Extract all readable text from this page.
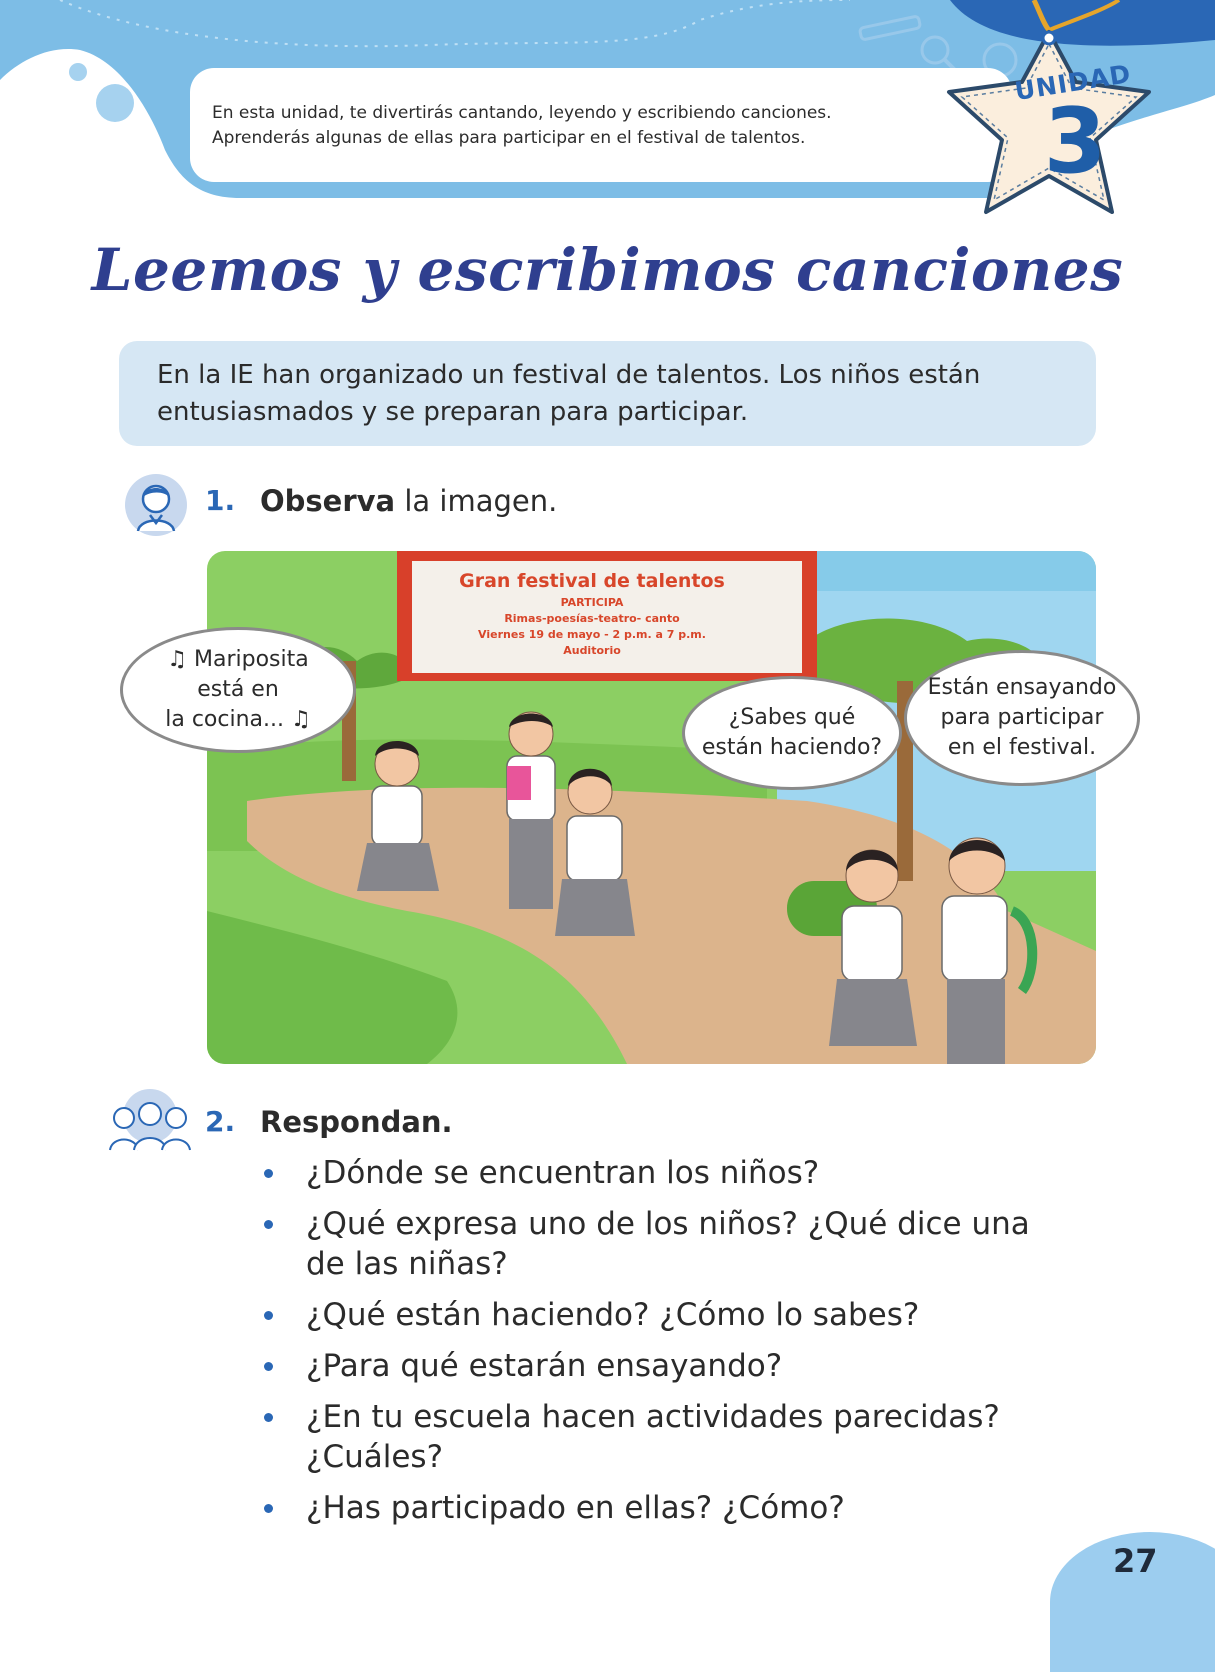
En esta unidad, te divertirás cantando, leyendo y escribiendo canciones.
Aprenderás algunas de ellas para participar en el festival de talentos.
UNIDAD
3
Leemos y escribimos canciones
En la IE han organizado un festival de talentos. Los niños están
entusiasmados y se preparan para participar.
1. Observa la imagen.
Gran festival de talentos
PARTICIPA
Rimas-poesías-teatro- canto
Viernes 19 de mayo - 2 p.m. a 7 p.m.
Auditorio
♫ Mariposita
está en
la cocina... ♫	¿Sabes qué
están haciendo?
Están ensayando
para participar
en el festival.
2. Respondan.
¿Dónde se encuentran los niños?
¿Qué expresa uno de los niños? ¿Qué dice una
de las niñas?
¿Qué están haciendo? ¿Cómo lo sabes?
¿Para qué estarán ensayando?
¿En tu escuela hacen actividades parecidas?
¿Cuáles?
¿Has participado en ellas? ¿Cómo?
27
